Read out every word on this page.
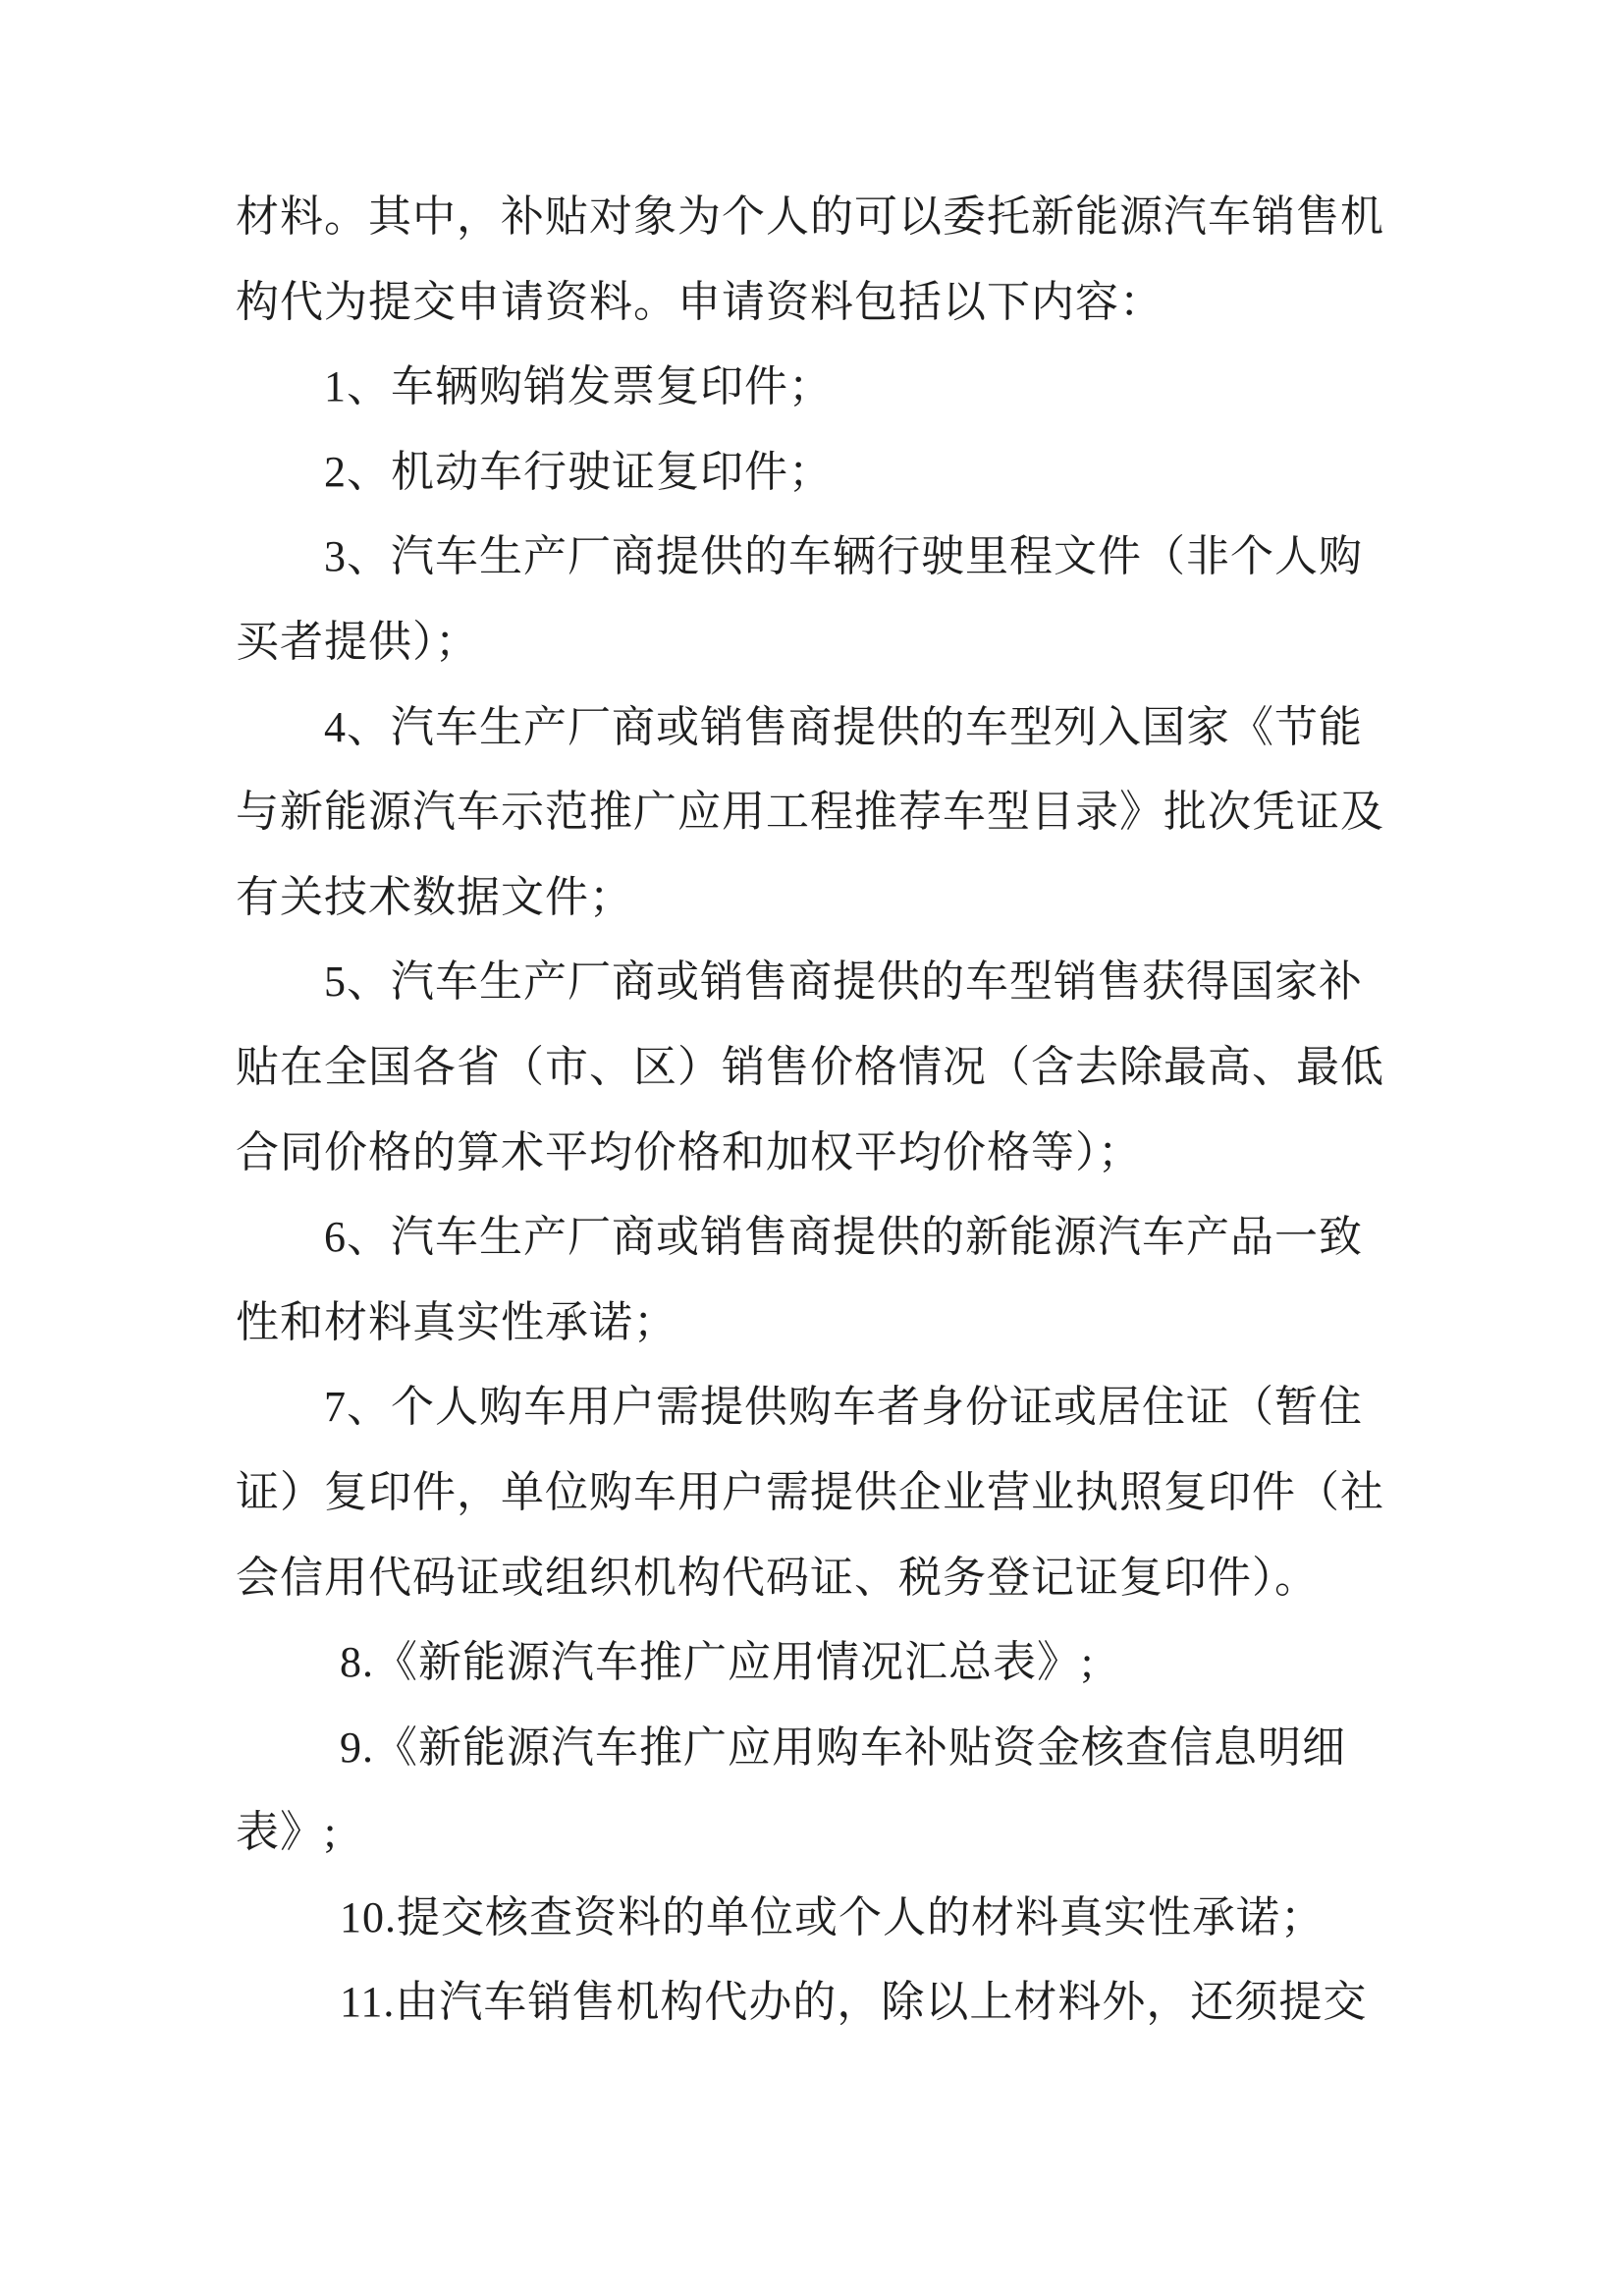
材料。其中，补贴对象为个人的可以委托新能源汽车销售机
构代为提交申请资料。申请资料包括以下内容：
1、车辆购销发票复印件；
2、机动车行驶证复印件；
3、汽车生产厂商提供的车辆行驶里程文件（非个人购
买者提供）；
4、汽车生产厂商或销售商提供的车型列入国家《节能
与新能源汽车示范推广应用工程推荐车型目录》批次凭证及
有关技术数据文件；
5、汽车生产厂商或销售商提供的车型销售获得国家补
贴在全国各省（市、区）销售价格情况（含去除最高、最低
合同价格的算术平均价格和加权平均价格等）；
6、汽车生产厂商或销售商提供的新能源汽车产品一致
性和材料真实性承诺；
7、个人购车用户需提供购车者身份证或居住证（暂住
证）复印件，单位购车用户需提供企业营业执照复印件（社
会信用代码证或组织机构代码证、税务登记证复印件）。
8.《新能源汽车推广应用情况汇总表》;
9.《新能源汽车推广应用购车补贴资金核查信息明细
表》;
10.提交核查资料的单位或个人的材料真实性承诺；
11.由汽车销售机构代办的，除以上材料外，还须提交
